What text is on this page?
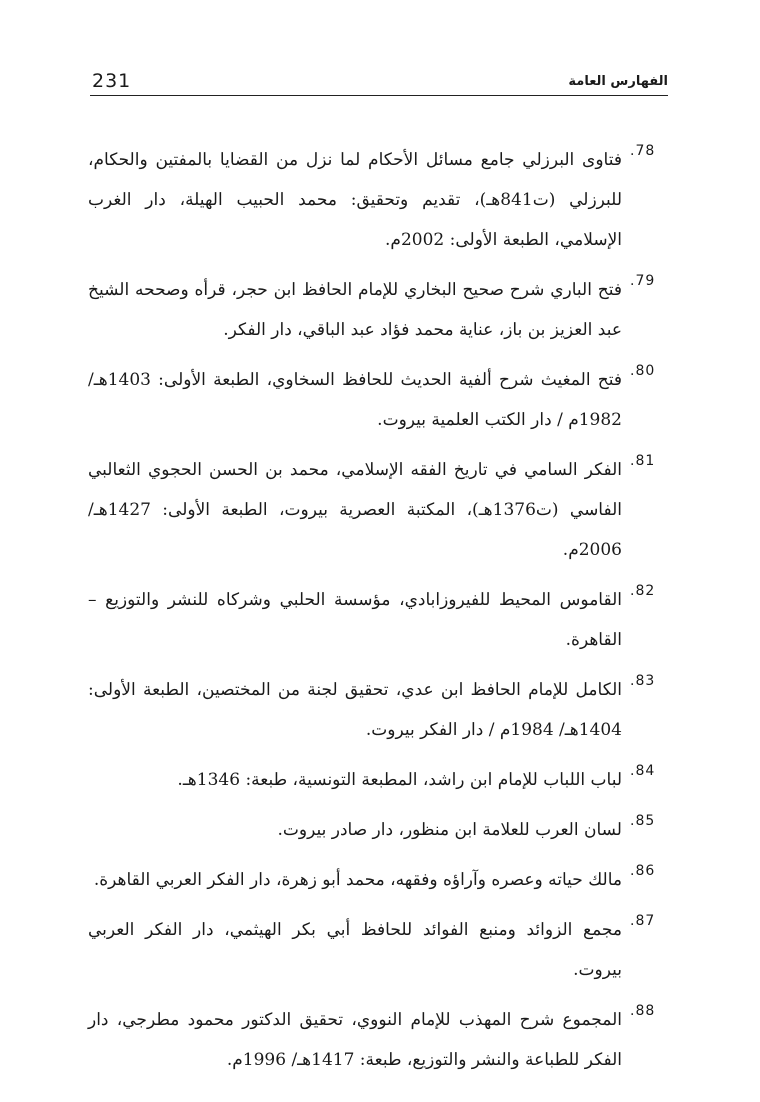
231	الفهارس العامة
.78
فتاوى البرزلي جامع مسائل الأحكام لما نزل من القضايا بالمفتين والحكام، للبرزلي (ت841هـ)، تقديم وتحقيق: محمد الحبيب الهيلة، دار الغرب الإسلامي، الطبعة الأولى: 2002م.
.79
فتح الباري شرح صحيح البخاري للإمام الحافظ ابن حجر، قرأه وصححه الشيخ عبد العزيز بن باز، عناية محمد فؤاد عبد الباقي، دار الفكر.
.80
فتح المغيث شرح ألفية الحديث للحافظ السخاوي، الطبعة الأولى: 1403هـ/ 1982م / دار الكتب العلمية بيروت.
.81
الفكر السامي في تاريخ الفقه الإسلامي، محمد بن الحسن الحجوي الثعالبي الفاسي (ت1376هـ)، المكتبة العصرية بيروت، الطبعة الأولى: 1427هـ/ 2006م.
.82
القاموس المحيط للفيروزابادي، مؤسسة الحلبي وشركاه للنشر والتوزيع – القاهرة.
.83
الكامل للإمام الحافظ ابن عدي، تحقيق لجنة من المختصين، الطبعة الأولى: 1404هـ/ 1984م / دار الفكر بيروت.
.84
لباب اللباب للإمام ابن راشد، المطبعة التونسية، طبعة: 1346هـ.
.85
لسان العرب للعلامة ابن منظور، دار صادر بيروت.
.86
مالك حياته وعصره وآراؤه وفقهه، محمد أبو زهرة، دار الفكر العربي القاهرة.
.87
مجمع الزوائد ومنبع الفوائد للحافظ أبي بكر الهيثمي، دار الفكر العربي بيروت.
.88
المجموع شرح المهذب للإمام النووي، تحقيق الدكتور محمود مطرجي، دار الفكر للطباعة والنشر والتوزيع، طبعة: 1417هـ/ 1996م.
